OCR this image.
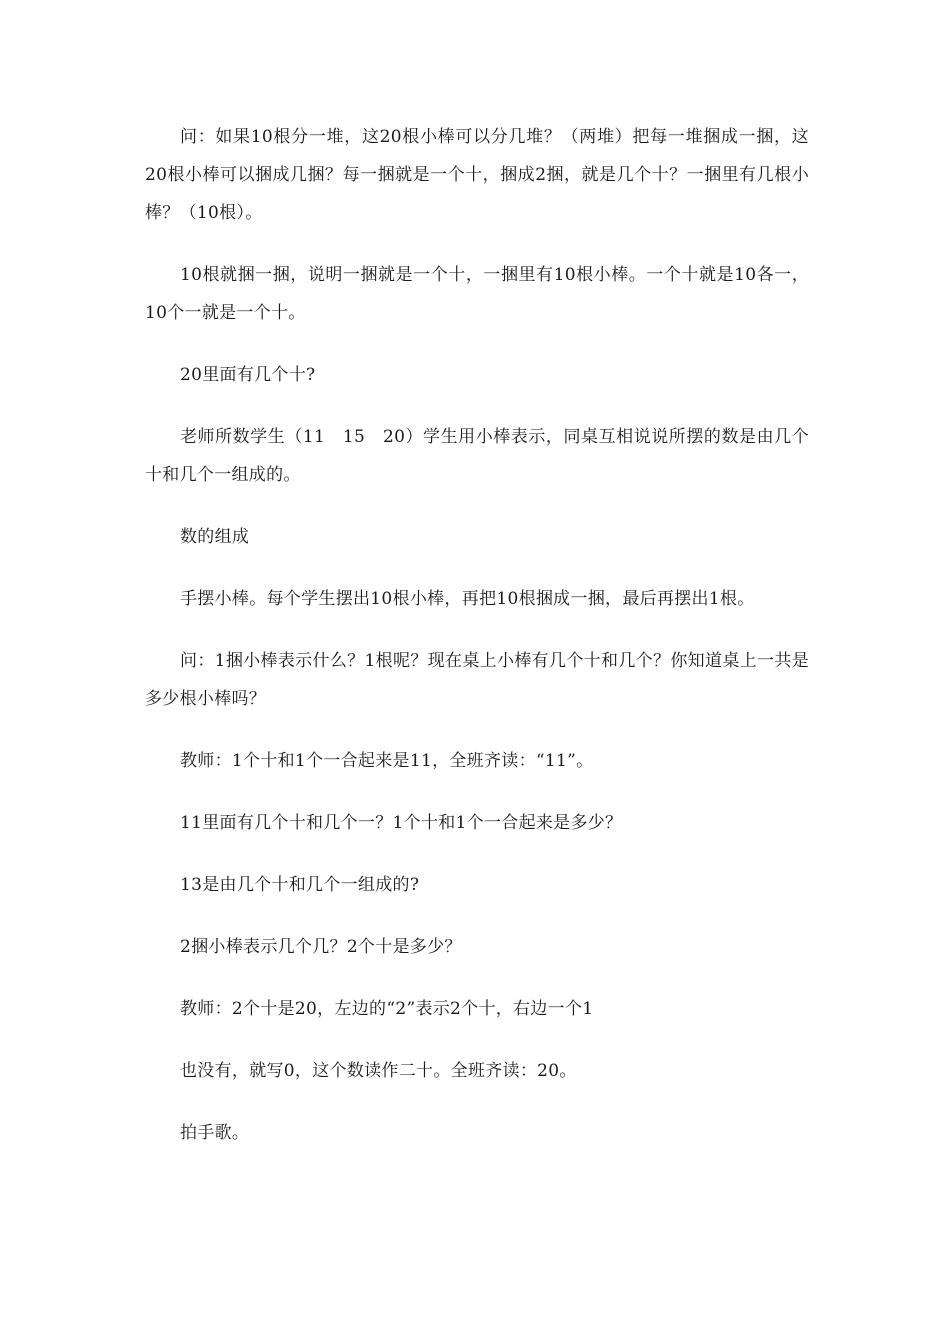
问：如果10根分一堆，这20根小棒可以分几堆？（两堆）把每一堆捆成一捆，这20根小棒可以捆成几捆？每一捆就是一个十，捆成2捆，就是几个十？一捆里有几根小棒？（10根）。

10根就捆一捆，说明一捆就是一个十，一捆里有10根小棒。一个十就是10各一，10个一就是一个十。

20里面有几个十?

老师所数学生（11　15　20）学生用小棒表示，同桌互相说说所摆的数是由几个十和几个一组成的。

数的组成

手摆小棒。每个学生摆出10根小棒，再把10根捆成一捆，最后再摆出1根。

问：1捆小棒表示什么？1根呢？现在桌上小棒有几个十和几个？你知道桌上一共是多少根小棒吗？

教师：1个十和1个一合起来是11，全班齐读：“11”。

11里面有几个十和几个一？1个十和1个一合起来是多少？

13是由几个十和几个一组成的?

2捆小棒表示几个几？2个十是多少？

教师：2个十是20，左边的“2”表示2个十，右边一个1

也没有，就写0，这个数读作二十。全班齐读：20。

拍手歌。
